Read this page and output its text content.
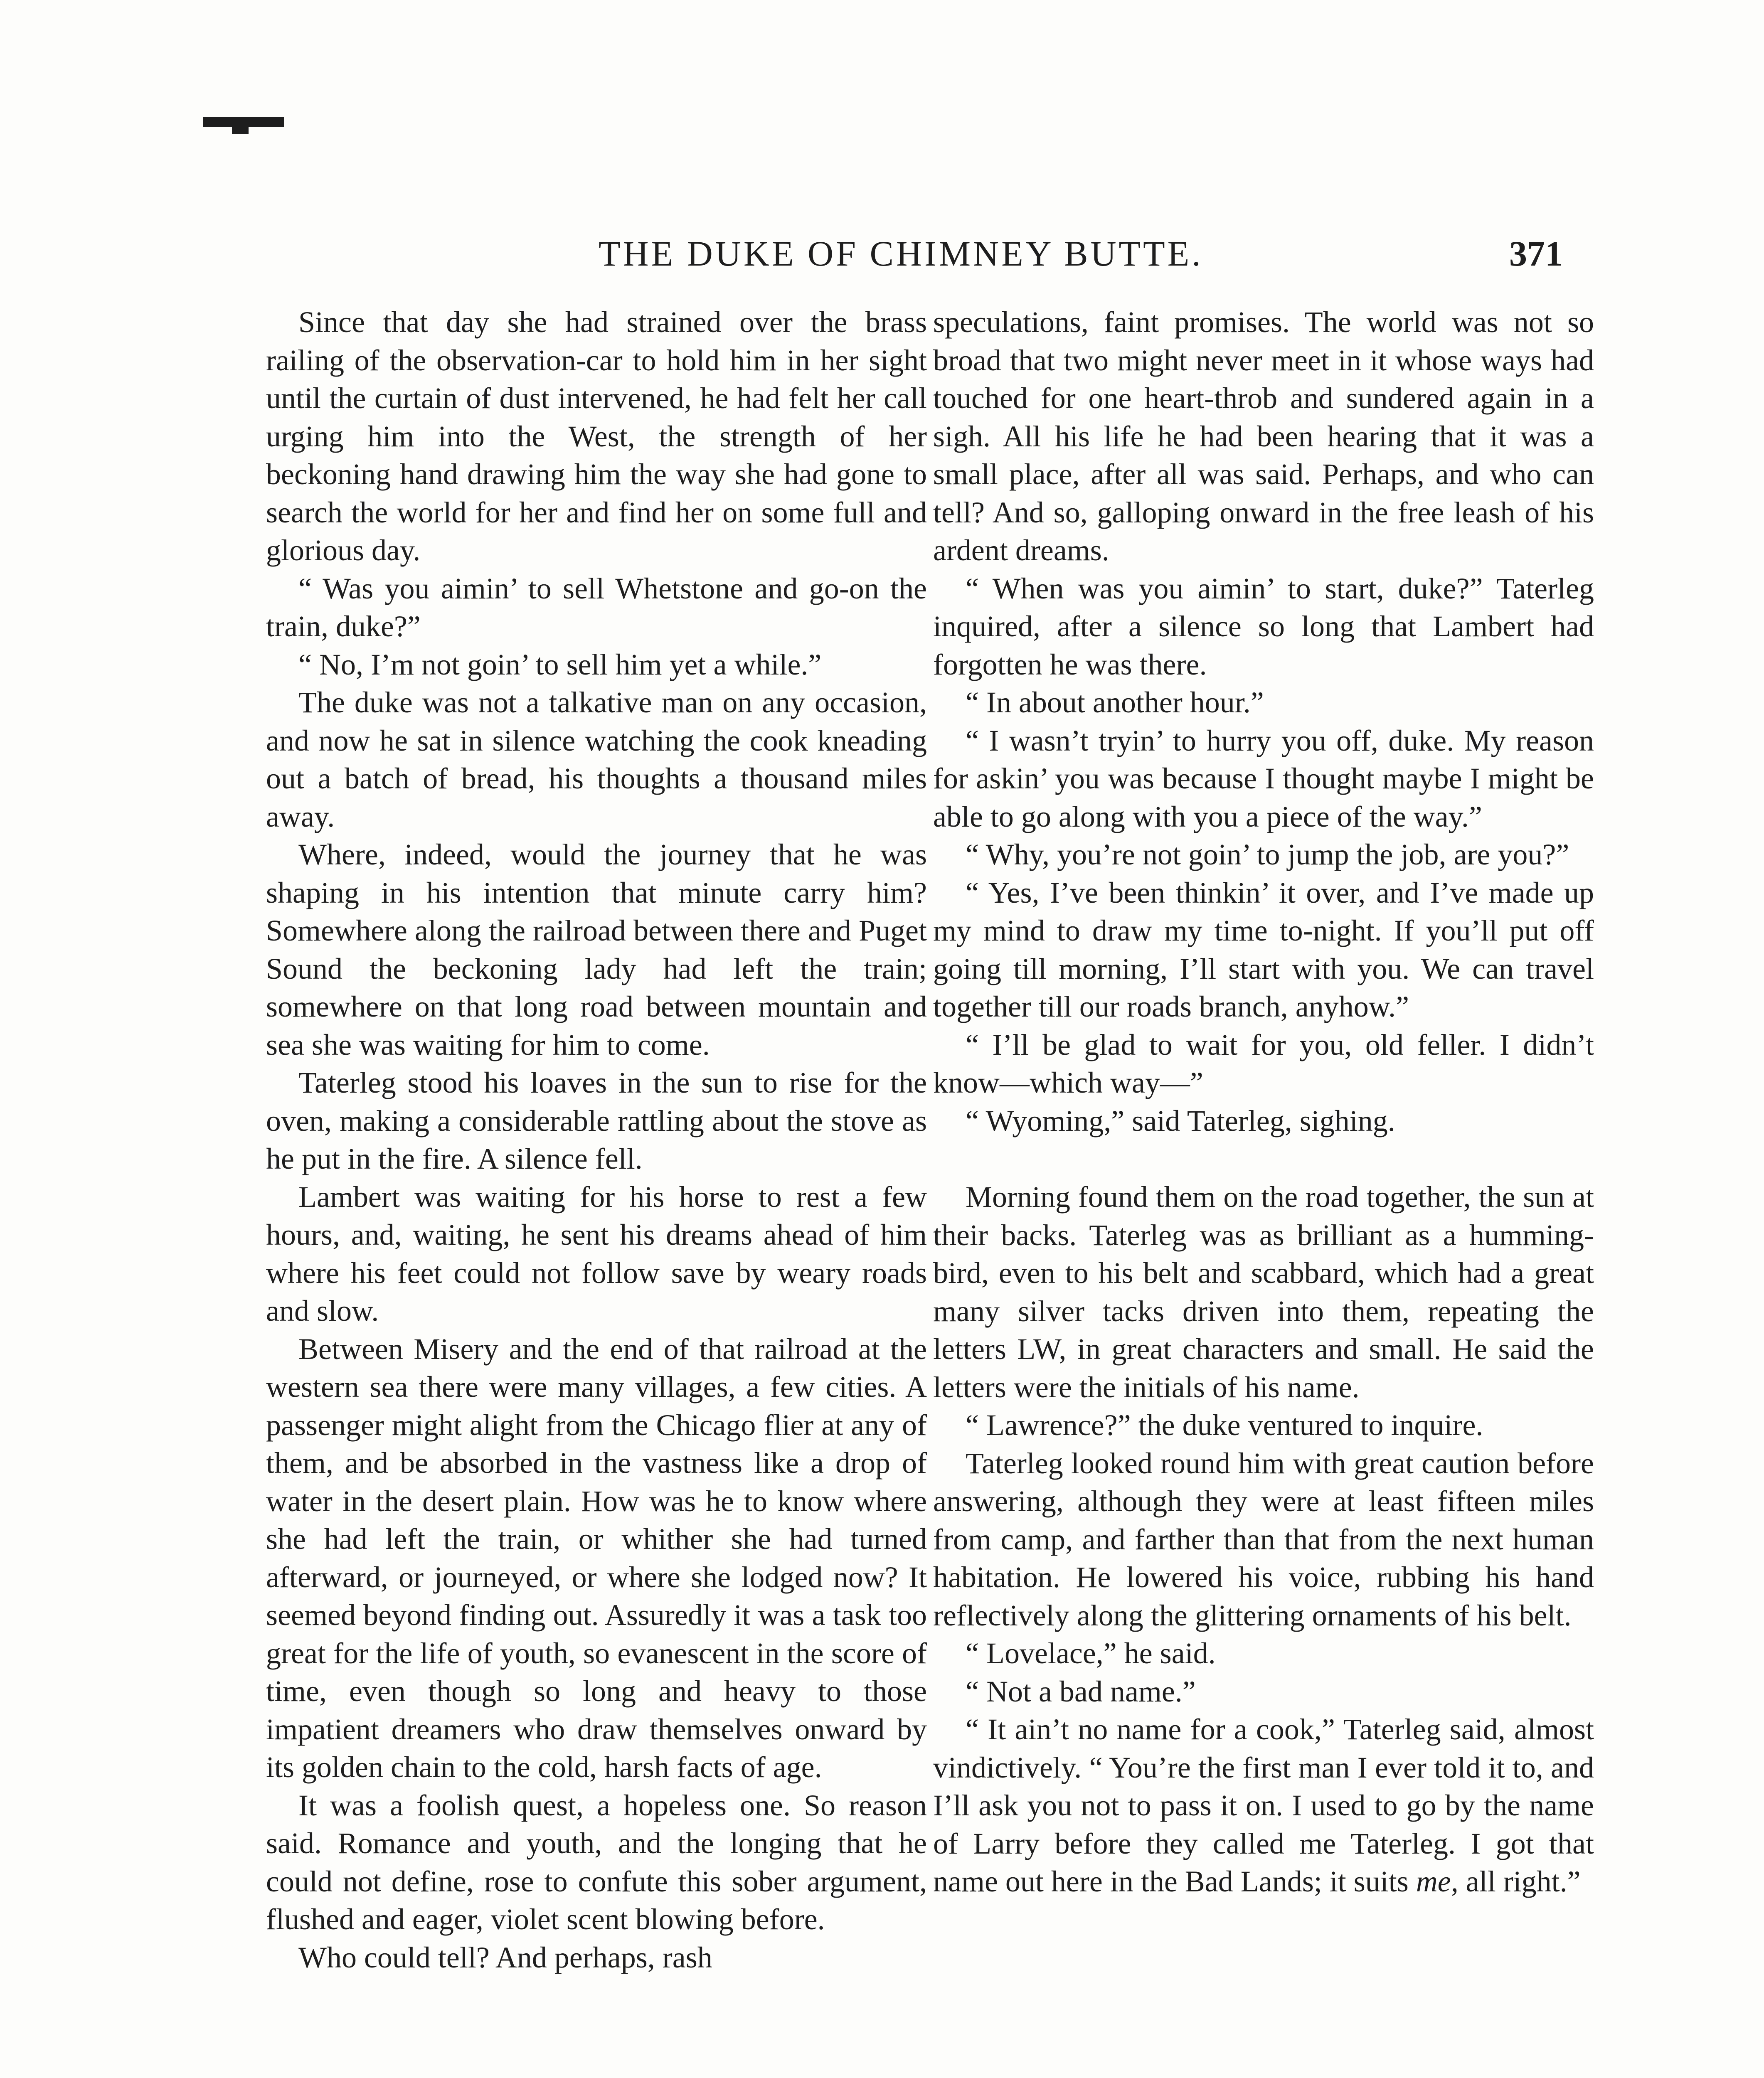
THE DUKE OF CHIMNEY BUTTE.	371

Since that day she had strained over the brass railing of the observation-car to hold him in her sight until the curtain of dust intervened, he had felt her call urging him into the West, the strength of her beckoning hand drawing him the way she had gone to search the world for her and find her on some full and glorious day.

“ Was you aimin’ to sell Whetstone and go-on the train, duke?”

“ No, I’m not goin’ to sell him yet a while.”

The duke was not a talkative man on any occasion, and now he sat in silence watching the cook kneading out a batch of bread, his thoughts a thousand miles away.

Where, indeed, would the journey that he was shaping in his intention that minute carry him? Somewhere along the railroad between there and Puget Sound the beckoning lady had left the train; somewhere on that long road between mountain and sea she was waiting for him to come.

Taterleg stood his loaves in the sun to rise for the oven, making a considerable rattling about the stove as he put in the fire. A silence fell.

Lambert was waiting for his horse to rest a few hours, and, waiting, he sent his dreams ahead of him where his feet could not follow save by weary roads and slow.

Between Misery and the end of that railroad at the western sea there were many villages, a few cities. A passenger might alight from the Chicago flier at any of them, and be absorbed in the vastness like a drop of water in the desert plain. How was he to know where she had left the train, or whither she had turned afterward, or journeyed, or where she lodged now? It seemed beyond finding out. Assuredly it was a task too great for the life of youth, so evanescent in the score of time, even though so long and heavy to those impatient dreamers who draw themselves onward by its golden chain to the cold, harsh facts of age.

It was a foolish quest, a hopeless one. So reason said. Romance and youth, and the longing that he could not define, rose to confute this sober argument, flushed and eager, violet scent blowing before.

Who could tell? And perhaps, rash

speculations, faint promises. The world was not so broad that two might never meet in it whose ways had touched for one heart-throb and sundered again in a sigh. All his life he had been hearing that it was a small place, after all was said. Perhaps, and who can tell? And so, galloping onward in the free leash of his ardent dreams.

“ When was you aimin’ to start, duke?” Taterleg inquired, after a silence so long that Lambert had forgotten he was there.

“ In about another hour.”

“ I wasn’t tryin’ to hurry you off, duke. My reason for askin’ you was because I thought maybe I might be able to go along with you a piece of the way.”

“ Why, you’re not goin’ to jump the job, are you?”

“ Yes, I’ve been thinkin’ it over, and I’ve made up my mind to draw my time to-night. If you’ll put off going till morning, I’ll start with you. We can travel together till our roads branch, anyhow.”

“ I’ll be glad to wait for you, old feller. I didn’t know—which way—”

“ Wyoming,” said Taterleg, sighing.

Morning found them on the road together, the sun at their backs. Taterleg was as brilliant as a humming-bird, even to his belt and scabbard, which had a great many silver tacks driven into them, repeating the letters LW, in great characters and small. He said the letters were the initials of his name.

“ Lawrence?” the duke ventured to inquire.

Taterleg looked round him with great caution before answering, although they were at least fifteen miles from camp, and farther than that from the next human habitation. He lowered his voice, rubbing his hand reflectively along the glittering ornaments of his belt.

“ Lovelace,” he said.

“ Not a bad name.”

“ It ain’t no name for a cook,” Taterleg said, almost vindictively. “ You’re the first man I ever told it to, and I’ll ask you not to pass it on. I used to go by the name of Larry before they called me Taterleg. I got that name out here in the Bad Lands; it suits me, all right.”
